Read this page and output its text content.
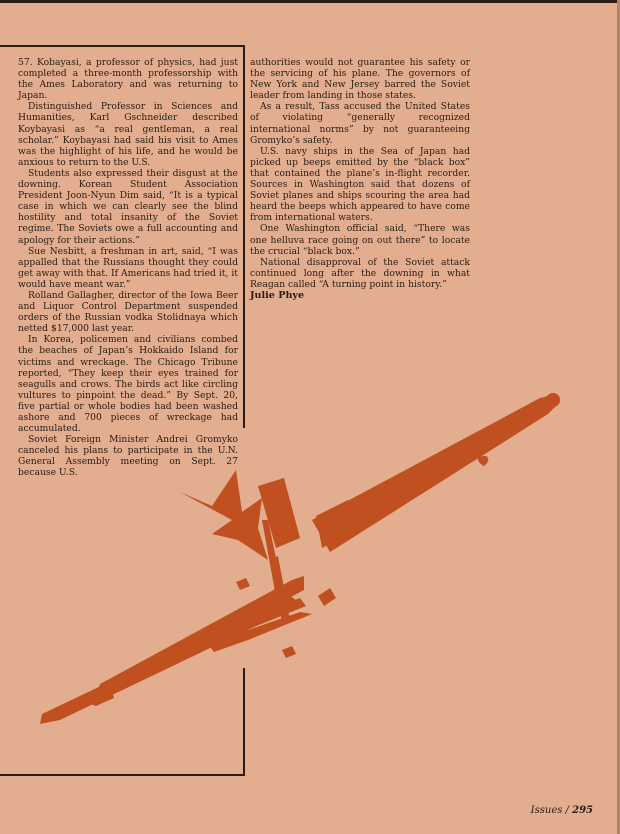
57. Kobayasi, a professor of physics, had just completed a three-month professorship with the Ames Laboratory and was returning to Japan.

Distinguished Professor in Sciences and Humanities, Karl Gschneider described Koybayasi as “a real gentleman, a real scholar.” Koybayasi had said his visit to Ames was the highlight of his life, and he would be anxious to return to the U.S.

Students also expressed their disgust at the downing. Korean Student Association President Joon-Nyun Dim said, “It is a typical case in which we can clearly see the blind hostility and total insanity of the Soviet regime. The Soviets owe a full accounting and apology for their actions.”

Sue Nesbitt, a freshman in art, said, “I was appalled that the Russians thought they could get away with that. If Americans had tried it, it would have meant war.”

Rolland Gallagher, director of the Iowa Beer and Liquor Control Department suspended orders of the Russian vodka Stolidnaya which netted $17,000 last year.

In Korea, policemen and civilians combed the beaches of Japan’s Hokkaido Island for victims and wreckage. The Chicago Tribune reported, “They keep their eyes trained for seagulls and crows. The birds act like circling vultures to pinpoint the dead.” By Sept. 20, five partial or whole bodies had been washed ashore and 700 pieces of wreckage had accumulated.

Soviet Foreign Minister Andrei Gromyko canceled his plans to participate in the U.N. General Assembly meeting on Sept. 27 because U.S.

authorities would not guarantee his safety or the servicing of his plane. The governors of New York and New Jersey barred the Soviet leader from landing in those states.

As a result, Tass accused the United States of violating “generally recognized international norms” by not guaranteeing Gromyko’s safety.

U.S. navy ships in the Sea of Japan had picked up beeps emitted by the “black box” that contained the plane’s in-flight recorder. Sources in Washington said that dozens of Soviet planes and ships scouring the area had heard the beeps which appeared to have come from international waters.

One Washington official said, “There was one helluva race going on out there” to locate the crucial “black box.”

National disapproval of the Soviet attack continued long after the downing in what Reagan called “A turning point in history.”

Julie Phye

Issues / 295
